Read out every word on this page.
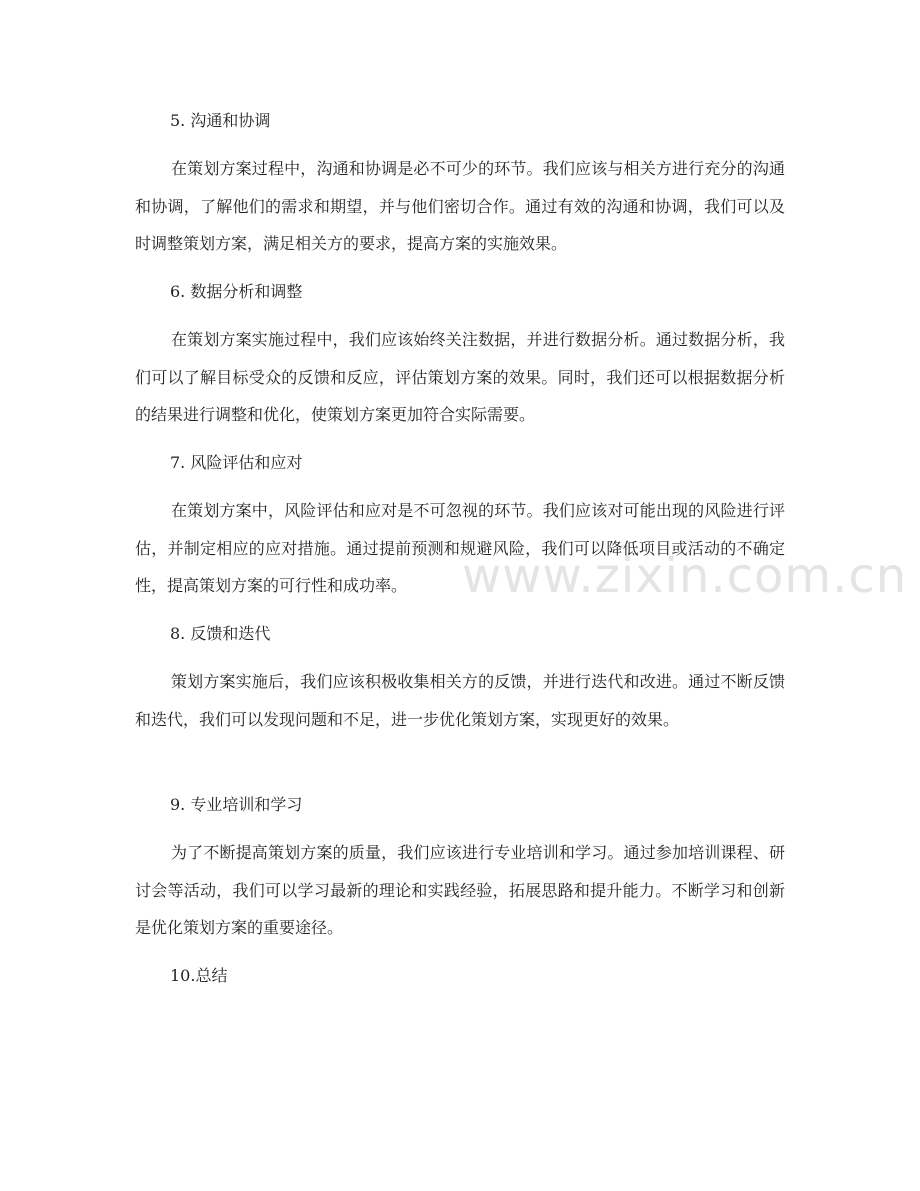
www.zixin.com.cn
5. 沟通和协调
在策划方案过程中，沟通和协调是必不可少的环节。我们应该与相关方进行充分的沟通和协调，了解他们的需求和期望，并与他们密切合作。通过有效的沟通和协调，我们可以及时调整策划方案，满足相关方的要求，提高方案的实施效果。
6. 数据分析和调整
在策划方案实施过程中，我们应该始终关注数据，并进行数据分析。通过数据分析，我们可以了解目标受众的反馈和反应，评估策划方案的效果。同时，我们还可以根据数据分析的结果进行调整和优化，使策划方案更加符合实际需要。
7. 风险评估和应对
在策划方案中，风险评估和应对是不可忽视的环节。我们应该对可能出现的风险进行评估，并制定相应的应对措施。通过提前预测和规避风险，我们可以降低项目或活动的不确定性，提高策划方案的可行性和成功率。
8. 反馈和迭代
策划方案实施后，我们应该积极收集相关方的反馈，并进行迭代和改进。通过不断反馈和迭代，我们可以发现问题和不足，进一步优化策划方案，实现更好的效果。
9. 专业培训和学习
为了不断提高策划方案的质量，我们应该进行专业培训和学习。通过参加培训课程、研讨会等活动，我们可以学习最新的理论和实践经验，拓展思路和提升能力。不断学习和创新是优化策划方案的重要途径。
10.总结
